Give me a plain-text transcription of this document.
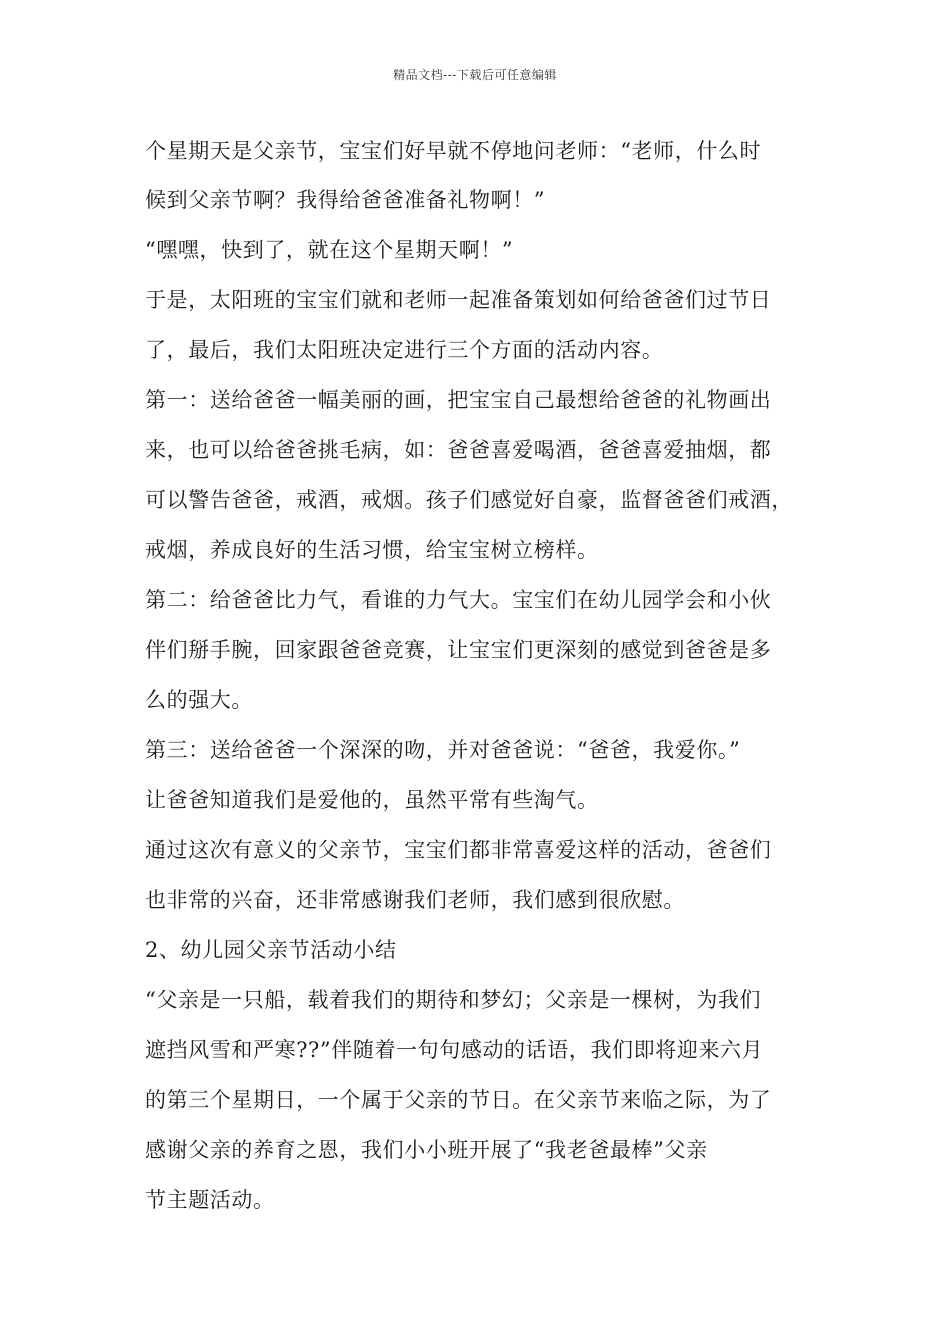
精品文档---下载后可任意编辑
个星期天是父亲节，宝宝们好早就不停地问老师：“老师，什么时
候到父亲节啊？我得给爸爸准备礼物啊！”
“嘿嘿，快到了，就在这个星期天啊！”
于是，太阳班的宝宝们就和老师一起准备策划如何给爸爸们过节日
了，最后，我们太阳班决定进行三个方面的活动内容。
第一：送给爸爸一幅美丽的画，把宝宝自己最想给爸爸的礼物画出
来，也可以给爸爸挑毛病，如：爸爸喜爱喝酒，爸爸喜爱抽烟，都
可以警告爸爸，戒酒，戒烟。孩子们感觉好自豪，监督爸爸们戒酒，
戒烟，养成良好的生活习惯，给宝宝树立榜样。
第二：给爸爸比力气，看谁的力气大。宝宝们在幼儿园学会和小伙
伴们掰手腕，回家跟爸爸竞赛，让宝宝们更深刻的感觉到爸爸是多
么的强大。
第三：送给爸爸一个深深的吻，并对爸爸说：“爸爸，我爱你。”
让爸爸知道我们是爱他的，虽然平常有些淘气。
通过这次有意义的父亲节，宝宝们都非常喜爱这样的活动，爸爸们
也非常的兴奋，还非常感谢我们老师，我们感到很欣慰。
2、幼儿园父亲节活动小结
“父亲是一只船，载着我们的期待和梦幻；父亲是一棵树，为我们
遮挡风雪和严寒??”伴随着一句句感动的话语，我们即将迎来六月
的第三个星期日，一个属于父亲的节日。在父亲节来临之际，为了
感谢父亲的养育之恩，我们小小班开展了“我老爸最棒”父亲
节主题活动。
